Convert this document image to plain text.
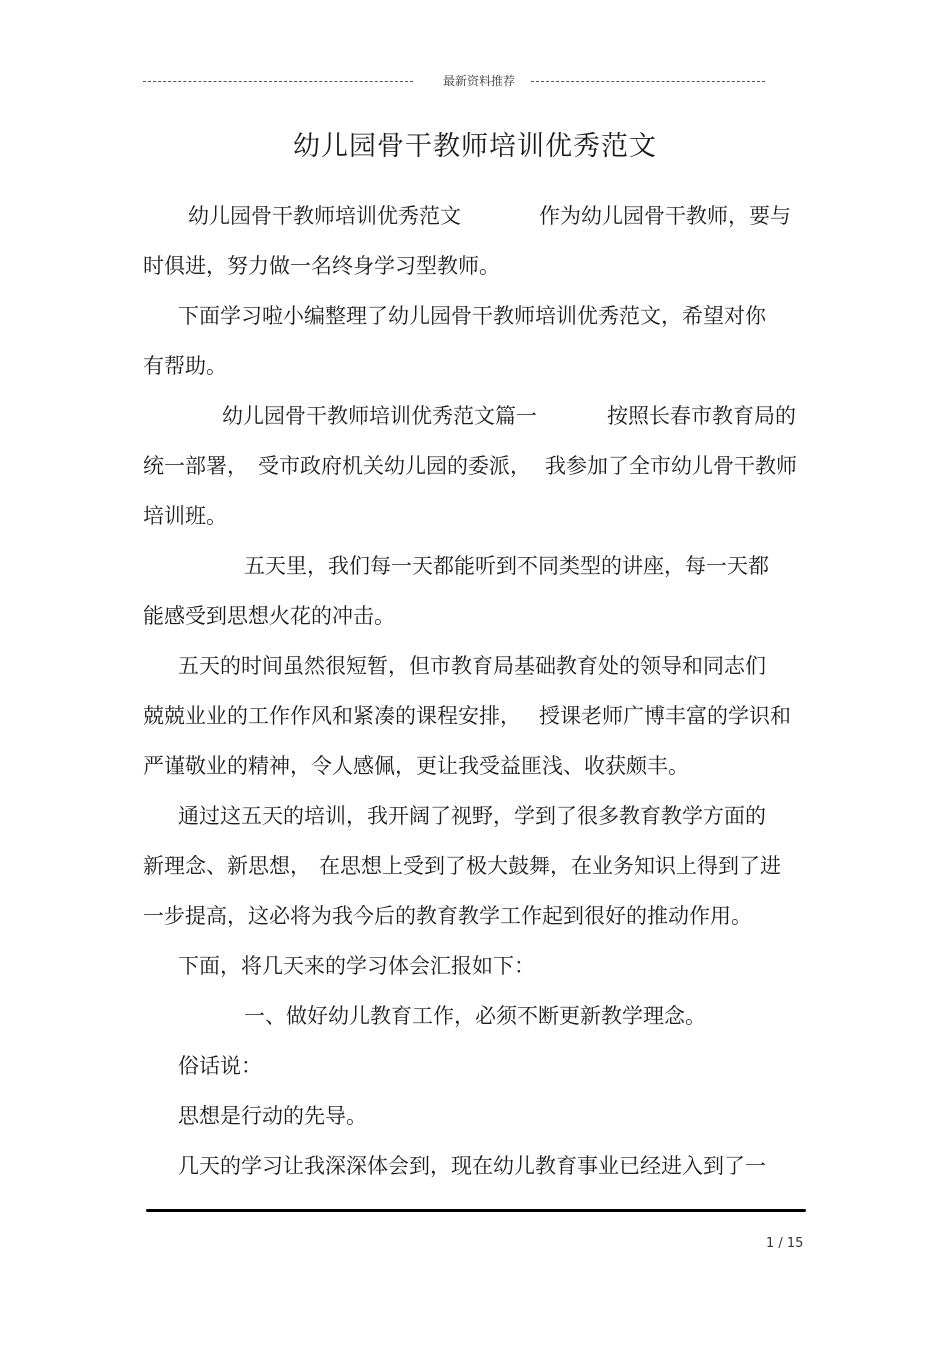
最新资料推荐
幼儿园骨干教师培训优秀范文
幼儿园骨干教师培训优秀范文	作为幼儿园骨干教师，要与
时俱进，努力做一名终身学习型教师。
下面学习啦小编整理了幼儿园骨干教师培训优秀范文，希望对你
有帮助。
幼儿园骨干教师培训优秀范文篇一	按照长春市教育局的
统一部署， 受市政府机关幼儿园的委派， 我参加了全市幼儿骨干教师
培训班。
五天里，我们每一天都能听到不同类型的讲座，每一天都
能感受到思想火花的冲击。
五天的时间虽然很短暂，但市教育局基础教育处的领导和同志们
兢兢业业的工作作风和紧凑的课程安排， 授课老师广博丰富的学识和
严谨敬业的精神，令人感佩，更让我受益匪浅、收获颇丰。
通过这五天的培训，我开阔了视野，学到了很多教育教学方面的
新理念、新思想， 在思想上受到了极大鼓舞，在业务知识上得到了进
一步提高，这必将为我今后的教育教学工作起到很好的推动作用。
下面，将几天来的学习体会汇报如下：
一、做好幼儿教育工作，必须不断更新教学理念。
俗话说：
思想是行动的先导。
几天的学习让我深深体会到，现在幼儿教育事业已经进入到了一
1 / 15
